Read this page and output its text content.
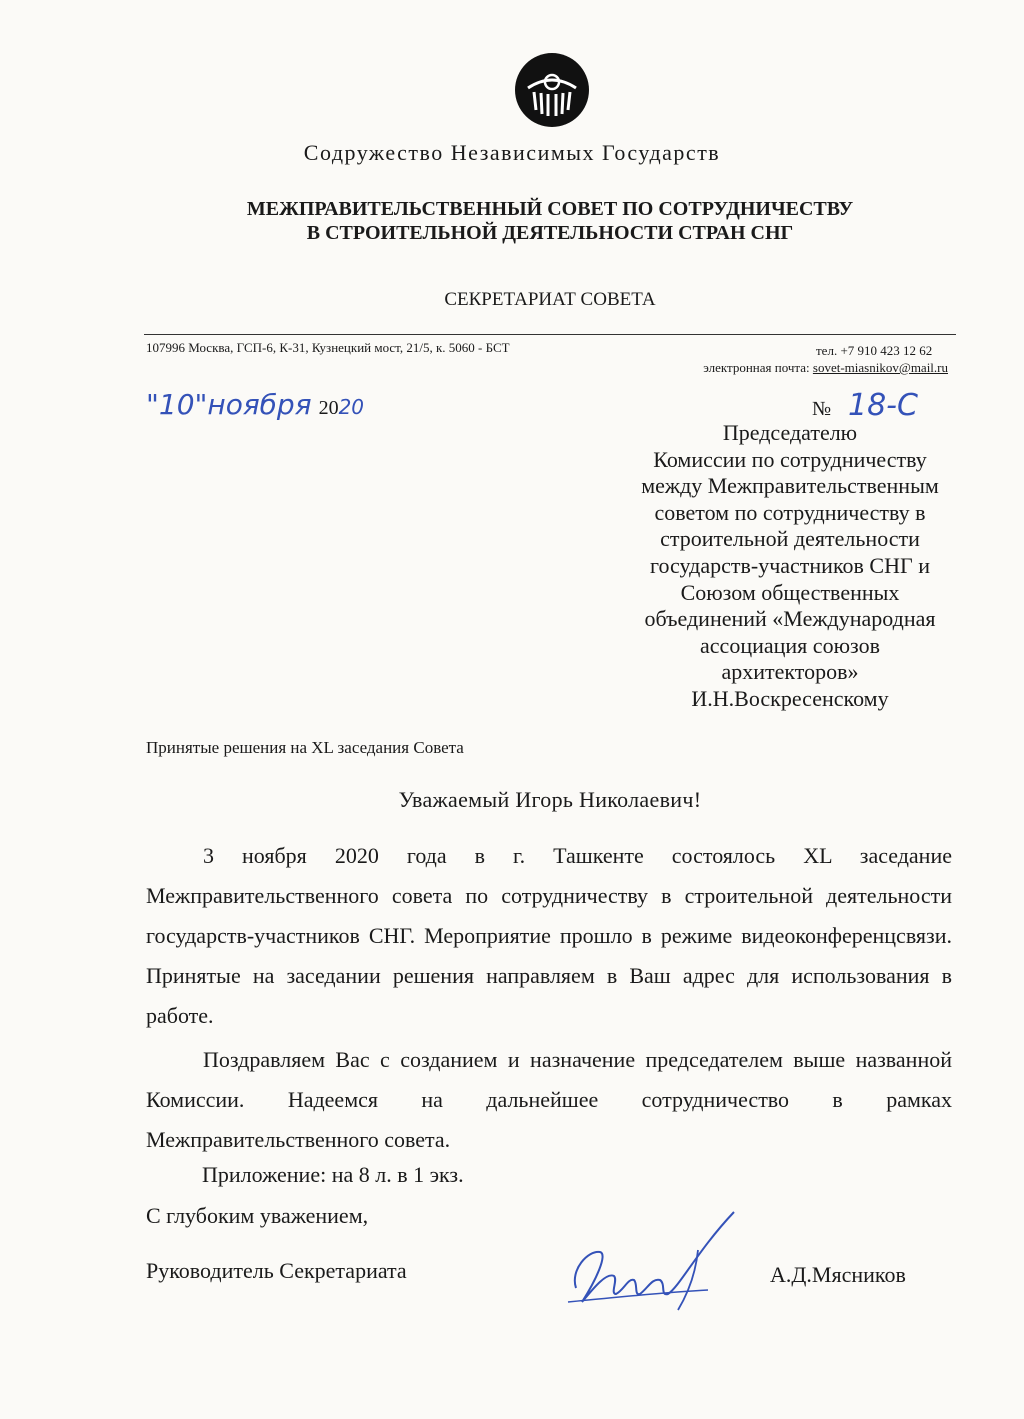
Содружество Независимых Государств
МЕЖПРАВИТЕЛЬСТВЕННЫЙ СОВЕТ ПО СОТРУДНИЧЕСТВУ
В СТРОИТЕЛЬНОЙ ДЕЯТЕЛЬНОСТИ СТРАН СНГ
СЕКРЕТАРИАТ СОВЕТА
107996 Москва, ГСП-6, К-31, Кузнецкий мост, 21/5, к. 5060 - БСТ	тел. +7 910 423 12 62
электронная почта: sovet-miasnikov@mail.ru
"10"ноября 2020	№ 18-С
Председателю
Комиссии по сотрудничеству
между Межправительственным
советом по сотрудничеству в
строительной деятельности
государств-участников СНГ и
Союзом общественных
объединений «Международная
ассоциация союзов
архитекторов»
И.Н.Воскресенскому
Принятые решения на XL заседания Совета
Уважаемый Игорь Николаевич!
3 ноября 2020 года в г. Ташкенте состоялось XL заседание Межправительственного совета по сотрудничеству в строительной деятельности государств-участников СНГ. Мероприятие прошло в режиме видеоконференцсвязи. Принятые на заседании решения направляем в Ваш адрес для использования в работе.
Поздравляем Вас с созданием и назначение председателем выше названной Комиссии. Надеемся на дальнейшее сотрудничество в рамках Межправительственного совета.
Приложение: на 8 л. в 1 экз.
С глубоким уважением,
Руководитель Секретариата	А.Д.Мясников
